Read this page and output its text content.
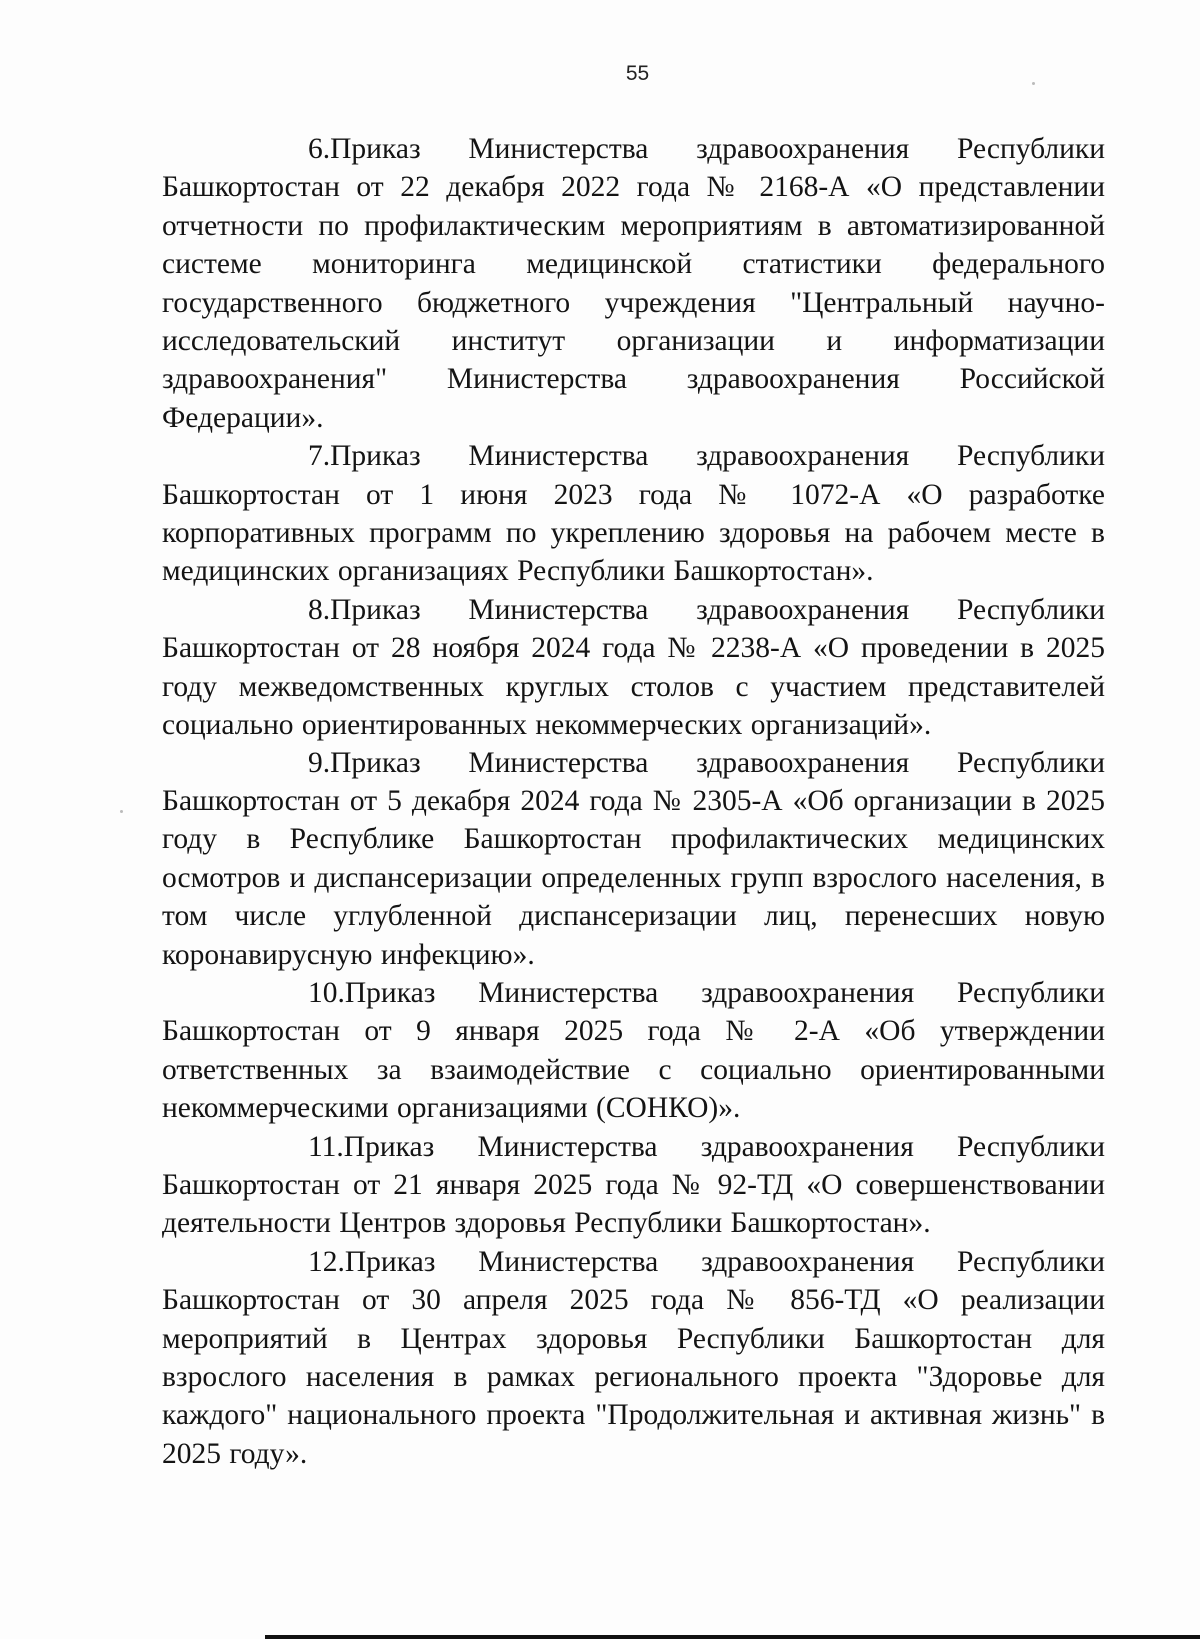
55

6.Приказ Министерства здравоохранения Республики Башкортостан от 22 декабря 2022 года № 2168-А «О представлении отчетности по профилактическим мероприятиям в автоматизированной системе мониторинга медицинской статистики федерального государственного бюджетного учреждения "Центральный научно-исследовательский институт организации и информатизации здравоохранения" Министерства здравоохранения Российской Федерации».

7.Приказ Министерства здравоохранения Республики Башкортостан от 1 июня 2023 года № 1072-А «О разработке корпоративных программ по укреплению здоровья на рабочем месте в медицинских организациях Республики Башкортостан».

8.Приказ Министерства здравоохранения Республики Башкортостан от 28 ноября 2024 года № 2238-А «О проведении в 2025 году межведомственных круглых столов с участием представителей социально ориентированных некоммерческих организаций».

9.Приказ Министерства здравоохранения Республики Башкортостан от 5 декабря 2024 года № 2305-А «Об организации в 2025 году в Республике Башкортостан профилактических медицинских осмотров и диспансеризации определенных групп взрослого населения, в том числе углубленной диспансеризации лиц, перенесших новую коронавирусную инфекцию».

10.Приказ Министерства здравоохранения Республики Башкортостан от 9 января 2025 года № 2-А «Об утверждении ответственных за взаимодействие с социально ориентированными некоммерческими организациями (СОНКО)».

11.Приказ Министерства здравоохранения Республики Башкортостан от 21 января 2025 года № 92-ТД «О совершенствовании деятельности Центров здоровья Республики Башкортостан».

12.Приказ Министерства здравоохранения Республики Башкортостан от 30 апреля 2025 года № 856-ТД «О реализации мероприятий в Центрах здоровья Республики Башкортостан для взрослого населения в рамках регионального проекта "Здоровье для каждого" национального проекта "Продолжительная и активная жизнь" в 2025 году».
